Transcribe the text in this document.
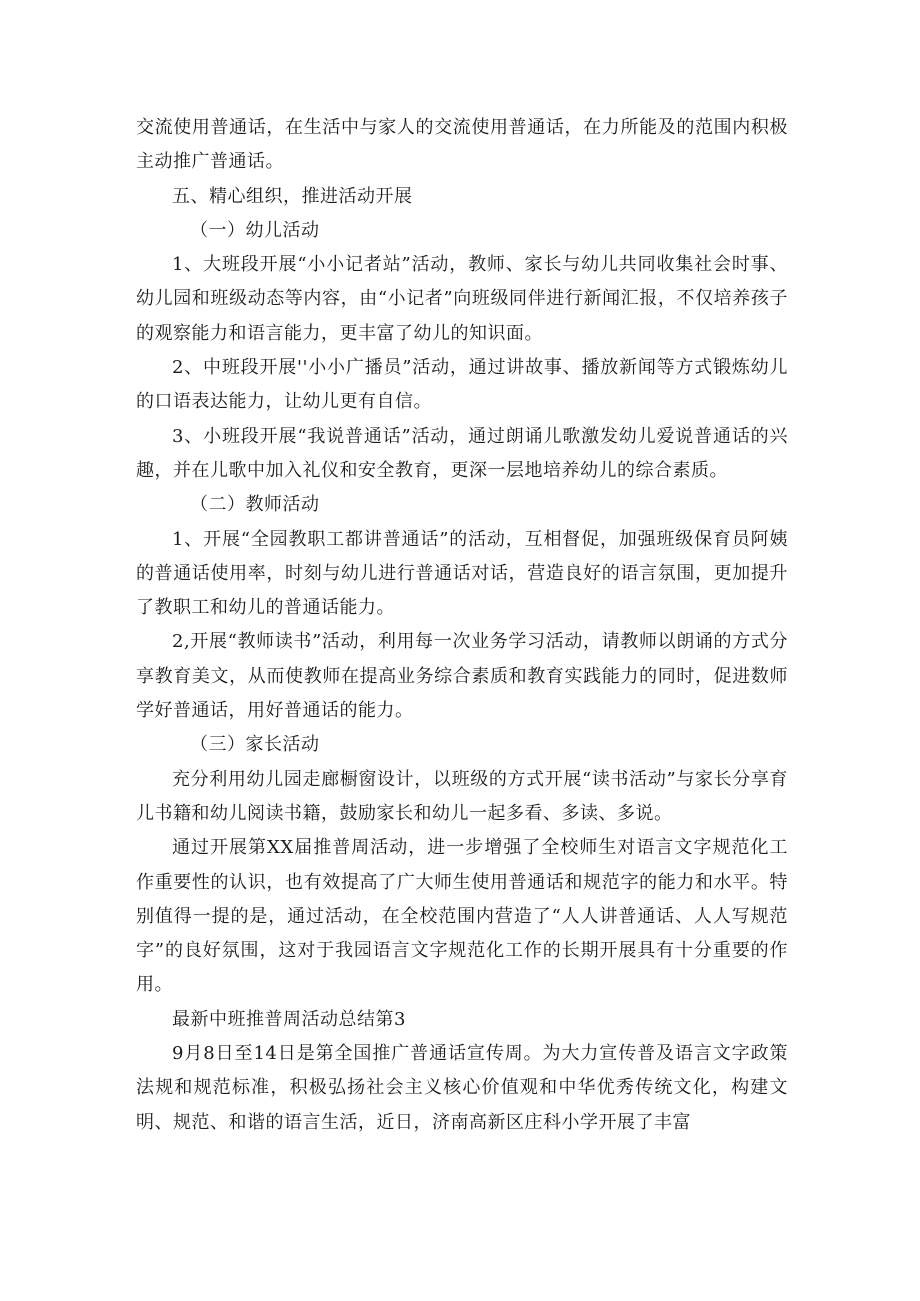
交流使用普通话，在生活中与家人的交流使用普通话，在力所能及的范围内积极主动推广普通话。

五、精心组织，推进活动开展

（一）幼儿活动

1、大班段开展“小小记者站”活动，教师、家长与幼儿共同收集社会时事、幼儿园和班级动态等内容，由“小记者”向班级同伴进行新闻汇报，不仅培养孩子的观察能力和语言能力，更丰富了幼儿的知识面。

2、中班段开展''小小广播员”活动，通过讲故事、播放新闻等方式锻炼幼儿的口语表达能力，让幼儿更有自信。

3、小班段开展“我说普通话”活动，通过朗诵儿歌激发幼儿爱说普通话的兴趣，并在儿歌中加入礼仪和安全教育，更深一层地培养幼儿的综合素质。

（二）教师活动

1、开展“全园教职工都讲普通话”的活动，互相督促，加强班级保育员阿姨的普通话使用率，时刻与幼儿进行普通话对话，营造良好的语言氛围，更加提升了教职工和幼儿的普通话能力。

2,开展“教师读书”活动，利用每一次业务学习活动，请教师以朗诵的方式分享教育美文，从而使教师在提高业务综合素质和教育实践能力的同时，促进数师学好普通话，用好普通话的能力。

（三）家长活动

充分利用幼儿园走廊橱窗设计，以班级的方式开展“读书活动”与家长分享育儿书籍和幼儿阅读书籍，鼓励家长和幼儿一起多看、多读、多说。

通过开展第XX届推普周活动，进一步增强了全校师生对语言文字规范化工作重要性的认识，也有效提高了广大师生使用普通话和规范字的能力和水平。特别值得一提的是，通过活动，在全校范围内营造了“人人讲普通话、人人写规范字”的良好氛围，这对于我园语言文字规范化工作的长期开展具有十分重要的作用。

最新中班推普周活动总结第3

9月8日至14日是第全国推广普通话宣传周。为大力宣传普及语言文字政策法规和规范标准，积极弘扬社会主义核心价值观和中华优秀传统文化，构建文明、规范、和谐的语言生活，近日，济南高新区庄科小学开展了丰富
